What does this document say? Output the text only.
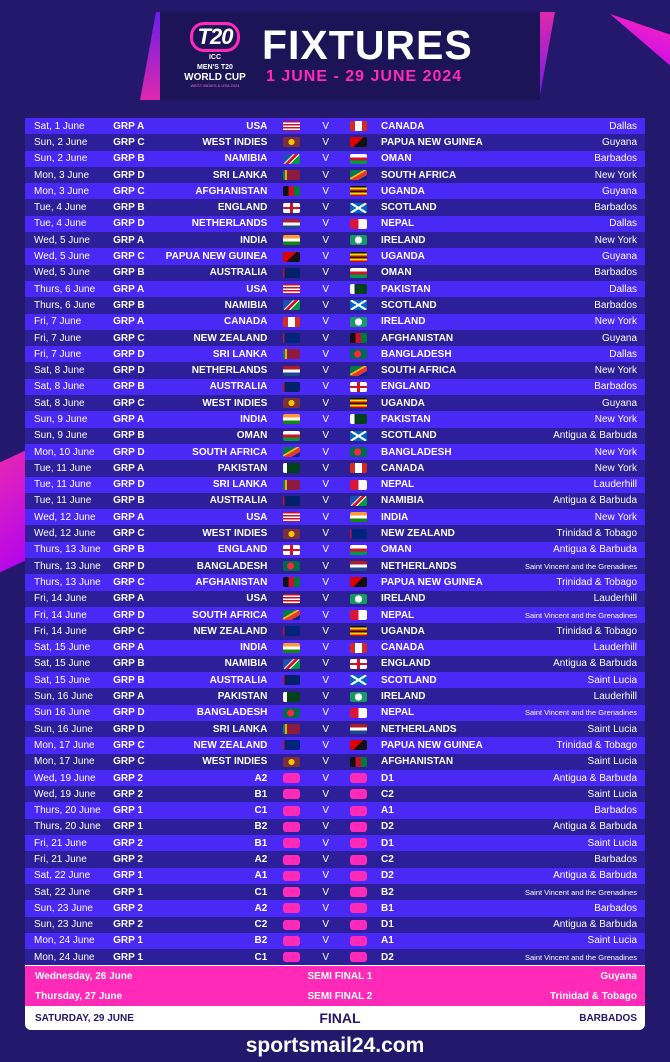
T20
ICC
MEN'S T20
WORLD CUP
WEST INDIES & USA 2024
FIXTURES
1 JUNE - 29 JUNE 2024
Sat, 1 June	GRP A	USA	V	CANADA	Dallas
Sun, 2 June	GRP C	WEST INDIES	V	PAPUA NEW GUINEA	Guyana
Sun, 2 June	GRP B	NAMIBIA	V	OMAN	Barbados
Mon, 3 June	GRP D	SRI LANKA	V	SOUTH AFRICA	New York
Mon, 3 June	GRP C	AFGHANISTAN	V	UGANDA	Guyana
Tue, 4 June	GRP B	ENGLAND	V	SCOTLAND	Barbados
Tue, 4 June	GRP D	NETHERLANDS	V	NEPAL	Dallas
Wed, 5 June	GRP A	INDIA	V	IRELAND	New York
Wed, 5 June	GRP C	PAPUA NEW GUINEA	V	UGANDA	Guyana
Wed, 5 June	GRP B	AUSTRALIA	V	OMAN	Barbados
Thurs, 6 June	GRP A	USA	V	PAKISTAN	Dallas
Thurs, 6 June	GRP B	NAMIBIA	V	SCOTLAND	Barbados
Fri, 7 June	GRP A	CANADA	V	IRELAND	New York
Fri, 7 June	GRP C	NEW ZEALAND	V	AFGHANISTAN	Guyana
Fri, 7 June	GRP D	SRI LANKA	V	BANGLADESH	Dallas
Sat, 8 June	GRP D	NETHERLANDS	V	SOUTH AFRICA	New York
Sat, 8 June	GRP B	AUSTRALIA	V	ENGLAND	Barbados
Sat, 8 June	GRP C	WEST INDIES	V	UGANDA	Guyana
Sun, 9 June	GRP A	INDIA	V	PAKISTAN	New York
Sun, 9 June	GRP B	OMAN	V	SCOTLAND	Antigua & Barbuda
Mon, 10 June	GRP D	SOUTH AFRICA	V	BANGLADESH	New York
Tue, 11 June	GRP A	PAKISTAN	V	CANADA	New York
Tue, 11 June	GRP D	SRI LANKA	V	NEPAL	Lauderhill
Tue, 11 June	GRP B	AUSTRALIA	V	NAMIBIA	Antigua & Barbuda
Wed, 12 June	GRP A	USA	V	INDIA	New York
Wed, 12 June	GRP C	WEST INDIES	V	NEW ZEALAND	Trinidad & Tobago
Thurs, 13 June	GRP B	ENGLAND	V	OMAN	Antigua & Barbuda
Thurs, 13 June	GRP D	BANGLADESH	V	NETHERLANDS	Saint Vincent and the Grenadines
Thurs, 13 June	GRP C	AFGHANISTAN	V	PAPUA NEW GUINEA	Trinidad & Tobago
Fri, 14 June	GRP A	USA	V	IRELAND	Lauderhill
Fri, 14 June	GRP D	SOUTH AFRICA	V	NEPAL	Saint Vincent and the Grenadines
Fri, 14 June	GRP C	NEW ZEALAND	V	UGANDA	Trinidad & Tobago
Sat, 15 June	GRP A	INDIA	V	CANADA	Lauderhill
Sat, 15 June	GRP B	NAMIBIA	V	ENGLAND	Antigua & Barbuda
Sat, 15 June	GRP B	AUSTRALIA	V	SCOTLAND	Saint Lucia
Sun, 16 June	GRP A	PAKISTAN	V	IRELAND	Lauderhill
Sun 16 June	GRP D	BANGLADESH	V	NEPAL	Saint Vincent and the Grenadines
Sun, 16 June	GRP D	SRI LANKA	V	NETHERLANDS	Saint Lucia
Mon, 17 June	GRP C	NEW ZEALAND	V	PAPUA NEW GUINEA	Trinidad & Tobago
Mon, 17 June	GRP C	WEST INDIES	V	AFGHANISTAN	Saint Lucia
Wed, 19 June	GRP 2	A2	V	D1	Antigua & Barbuda
Wed, 19 June	GRP 2	B1	V	C2	Saint Lucia
Thurs, 20 June	GRP 1	C1	V	A1	Barbados
Thurs, 20 June	GRP 1	B2	V	D2	Antigua & Barbuda
Fri, 21 June	GRP 2	B1	V	D1	Saint Lucia
Fri, 21 June	GRP 2	A2	V	C2	Barbados
Sat, 22 June	GRP 1	A1	V	D2	Antigua & Barbuda
Sat, 22 June	GRP 1	C1	V	B2	Saint Vincent and the Grenadines
Sun, 23 June	GRP 2	A2	V	B1	Barbados
Sun, 23 June	GRP 2	C2	V	D1	Antigua & Barbuda
Mon, 24 June	GRP 1	B2	V	A1	Saint Lucia
Mon, 24 June	GRP 1	C1	V	D2	Saint Vincent and the Grenadines
Wednesday, 26 June	SEMI FINAL 1	Guyana
Thursday, 27 June	SEMI FINAL 2	Trinidad & Tobago
SATURDAY, 29 JUNE	FINAL	BARBADOS
sportsmail24.com
